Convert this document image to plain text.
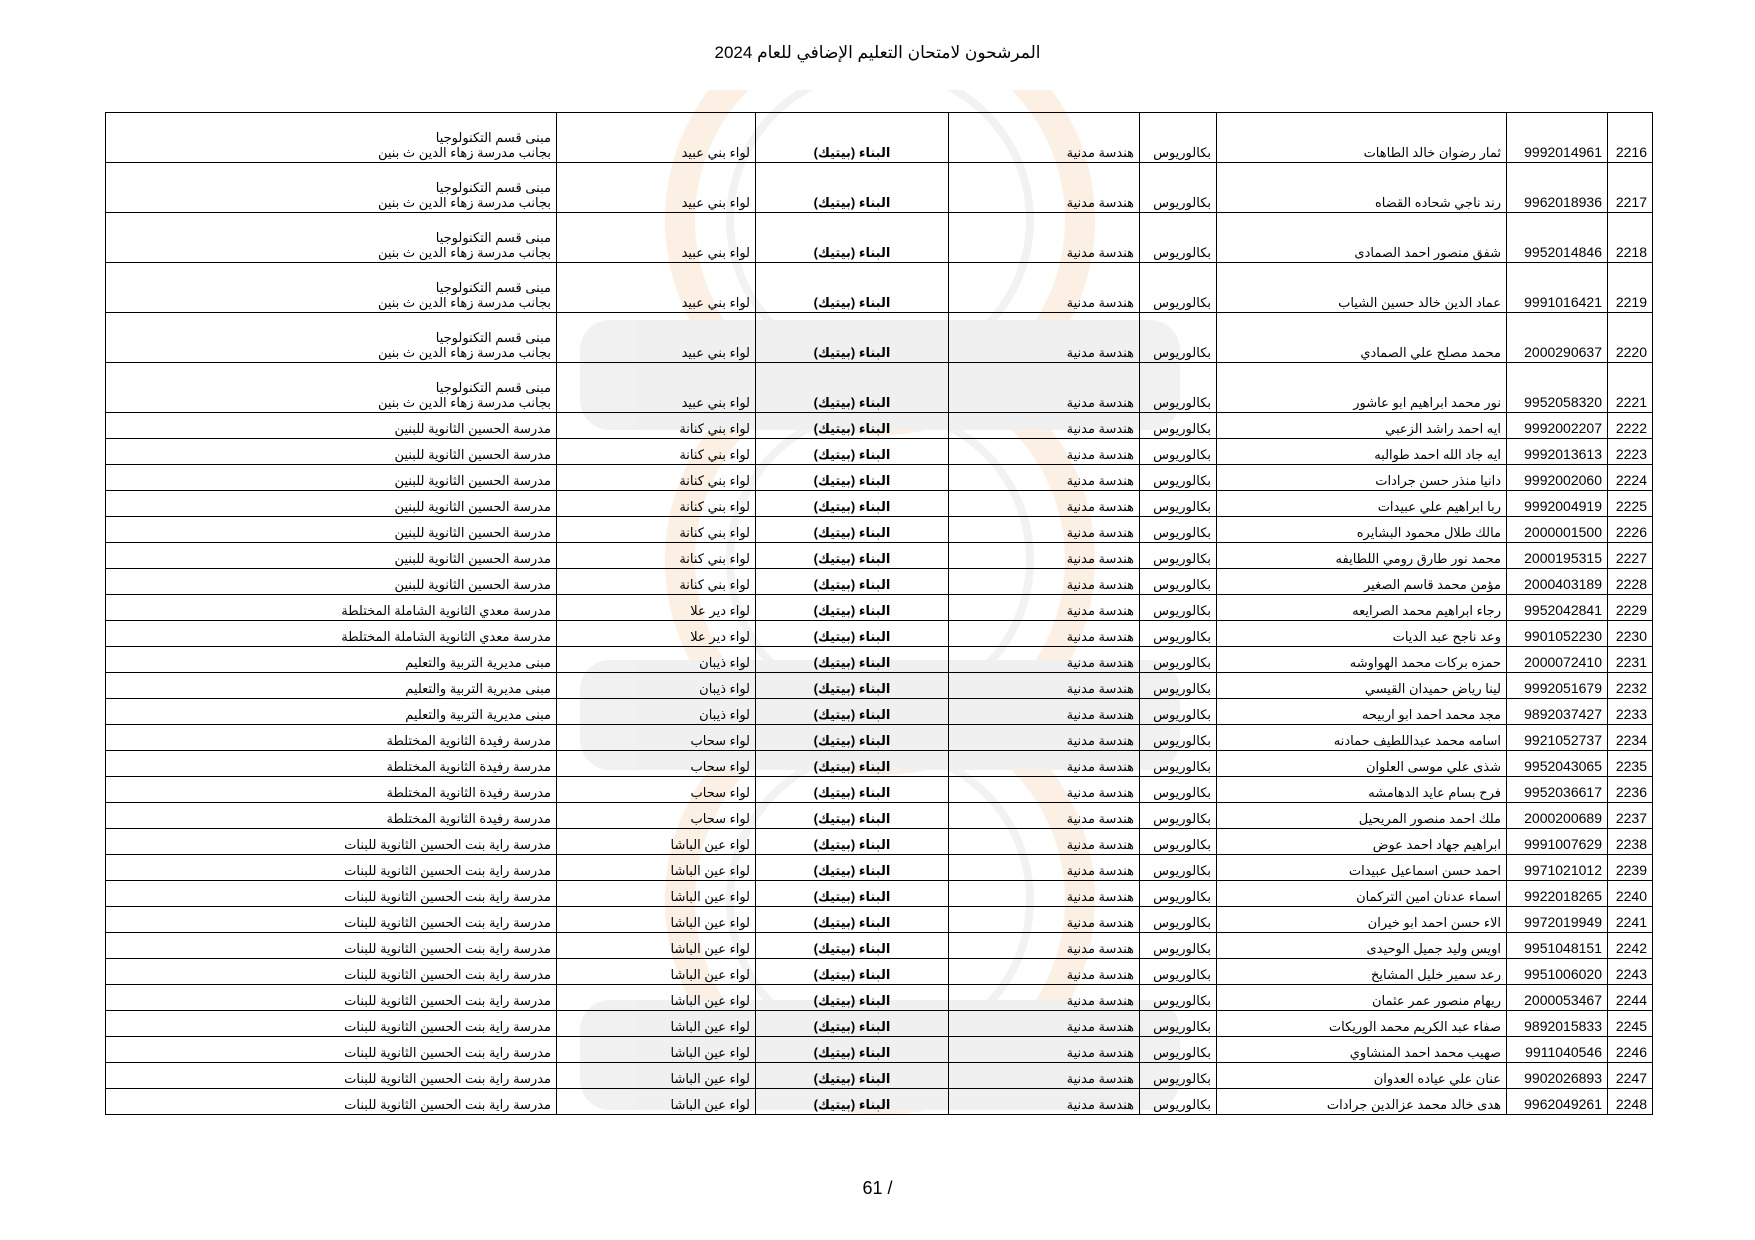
المرشحون لامتحان التعليم الإضافي للعام 2024
2216	9992014961	ثمار رضوان خالد الطاهات	بكالوريوس	هندسة مدنية	البناء (بيتيك)	لواء بني عبيد	مبنى قسم التكنولوجيا
بجانب مدرسة زهاء الدين ث بنين

2217	9962018936	رند ناجي شحاده القضاه	بكالوريوس	هندسة مدنية	البناء (بيتيك)	لواء بني عبيد	مبنى قسم التكنولوجيا
بجانب مدرسة زهاء الدين ث بنين

2218	9952014846	شفق منصور احمد الصمادى	بكالوريوس	هندسة مدنية	البناء (بيتيك)	لواء بني عبيد	مبنى قسم التكنولوجيا
بجانب مدرسة زهاء الدين ث بنين

2219	9991016421	عماد الدين خالد حسين الشياب	بكالوريوس	هندسة مدنية	البناء (بيتيك)	لواء بني عبيد	مبنى قسم التكنولوجيا
بجانب مدرسة زهاء الدين ث بنين

2220	2000290637	محمد مصلح علي الصمادي	بكالوريوس	هندسة مدنية	البناء (بيتيك)	لواء بني عبيد	مبنى قسم التكنولوجيا
بجانب مدرسة زهاء الدين ث بنين

2221	9952058320	نور محمد ابراهيم ابو عاشور	بكالوريوس	هندسة مدنية	البناء (بيتيك)	لواء بني عبيد	مبنى قسم التكنولوجيا
بجانب مدرسة زهاء الدين ث بنين

2222	9992002207	ايه احمد راشد الزعبي	بكالوريوس	هندسة مدنية	البناء (بيتيك)	لواء بني كنانة	مدرسة الحسين الثانوية للبنين

2223	9992013613	ايه جاد الله احمد طوالبه	بكالوريوس	هندسة مدنية	البناء (بيتيك)	لواء بني كنانة	مدرسة الحسين الثانوية للبنين

2224	9992002060	دانيا منذر حسن جرادات	بكالوريوس	هندسة مدنية	البناء (بيتيك)	لواء بني كنانة	مدرسة الحسين الثانوية للبنين

2225	9992004919	ربا ابراهيم علي عبيدات	بكالوريوس	هندسة مدنية	البناء (بيتيك)	لواء بني كنانة	مدرسة الحسين الثانوية للبنين

2226	2000001500	مالك طلال محمود البشايره	بكالوريوس	هندسة مدنية	البناء (بيتيك)	لواء بني كنانة	مدرسة الحسين الثانوية للبنين

2227	2000195315	محمد نور طارق رومي اللطايفه	بكالوريوس	هندسة مدنية	البناء (بيتيك)	لواء بني كنانة	مدرسة الحسين الثانوية للبنين

2228	2000403189	مؤمن محمد قاسم الصغير	بكالوريوس	هندسة مدنية	البناء (بيتيك)	لواء بني كنانة	مدرسة الحسين الثانوية للبنين

2229	9952042841	رجاء ابراهيم محمد الصرايعه	بكالوريوس	هندسة مدنية	البناء (بيتيك)	لواء دير علا	مدرسة معدي الثانوية الشاملة المختلطة

2230	9901052230	وعد ناجح عبد الديات	بكالوريوس	هندسة مدنية	البناء (بيتيك)	لواء دير علا	مدرسة معدي الثانوية الشاملة المختلطة

2231	2000072410	حمزه بركات محمد الهواوشه	بكالوريوس	هندسة مدنية	البناء (بيتيك)	لواء ذيبان	مبنى مديرية التربية والتعليم

2232	9992051679	لينا رياض حميدان القيسي	بكالوريوس	هندسة مدنية	البناء (بيتيك)	لواء ذيبان	مبنى مديرية التربية والتعليم

2233	9892037427	مجد محمد احمد ابو اربيحه	بكالوريوس	هندسة مدنية	البناء (بيتيك)	لواء ذيبان	مبنى مديرية التربية والتعليم

2234	9921052737	اسامه محمد عبداللطيف حمادنه	بكالوريوس	هندسة مدنية	البناء (بيتيك)	لواء سحاب	مدرسة رفيدة الثانوية المختلطة

2235	9952043065	شذى علي موسى العلوان	بكالوريوس	هندسة مدنية	البناء (بيتيك)	لواء سحاب	مدرسة رفيدة الثانوية المختلطة

2236	9952036617	فرح بسام عايد الدهامشه	بكالوريوس	هندسة مدنية	البناء (بيتيك)	لواء سحاب	مدرسة رفيدة الثانوية المختلطة

2237	2000200689	ملك احمد منصور المريحيل	بكالوريوس	هندسة مدنية	البناء (بيتيك)	لواء سحاب	مدرسة رفيدة الثانوية المختلطة

2238	9991007629	ابراهيم جهاد احمد عوض	بكالوريوس	هندسة مدنية	البناء (بيتيك)	لواء عين الباشا	مدرسة راية بنت الحسين الثانوية للبنات

2239	9971021012	احمد حسن اسماعيل عبيدات	بكالوريوس	هندسة مدنية	البناء (بيتيك)	لواء عين الباشا	مدرسة راية بنت الحسين الثانوية للبنات

2240	9922018265	اسماء عدنان امين التركمان	بكالوريوس	هندسة مدنية	البناء (بيتيك)	لواء عين الباشا	مدرسة راية بنت الحسين الثانوية للبنات

2241	9972019949	الاء حسن احمد ابو خيران	بكالوريوس	هندسة مدنية	البناء (بيتيك)	لواء عين الباشا	مدرسة راية بنت الحسين الثانوية للبنات

2242	9951048151	اويس وليد جميل الوحيدى	بكالوريوس	هندسة مدنية	البناء (بيتيك)	لواء عين الباشا	مدرسة راية بنت الحسين الثانوية للبنات

2243	9951006020	رعد سمير خليل المشايخ	بكالوريوس	هندسة مدنية	البناء (بيتيك)	لواء عين الباشا	مدرسة راية بنت الحسين الثانوية للبنات

2244	2000053467	ريهام منصور عمر عثمان	بكالوريوس	هندسة مدنية	البناء (بيتيك)	لواء عين الباشا	مدرسة راية بنت الحسين الثانوية للبنات

2245	9892015833	صفاء عبد الكريم محمد الوريكات	بكالوريوس	هندسة مدنية	البناء (بيتيك)	لواء عين الباشا	مدرسة راية بنت الحسين الثانوية للبنات

2246	9911040546	صهيب محمد احمد المنشاوي	بكالوريوس	هندسة مدنية	البناء (بيتيك)	لواء عين الباشا	مدرسة راية بنت الحسين الثانوية للبنات

2247	9902026893	عنان علي عياده العدوان	بكالوريوس	هندسة مدنية	البناء (بيتيك)	لواء عين الباشا	مدرسة راية بنت الحسين الثانوية للبنات

2248	9962049261	هدى خالد محمد عزالدين جرادات	بكالوريوس	هندسة مدنية	البناء (بيتيك)	لواء عين الباشا	مدرسة راية بنت الحسين الثانوية للبنات
61 /
